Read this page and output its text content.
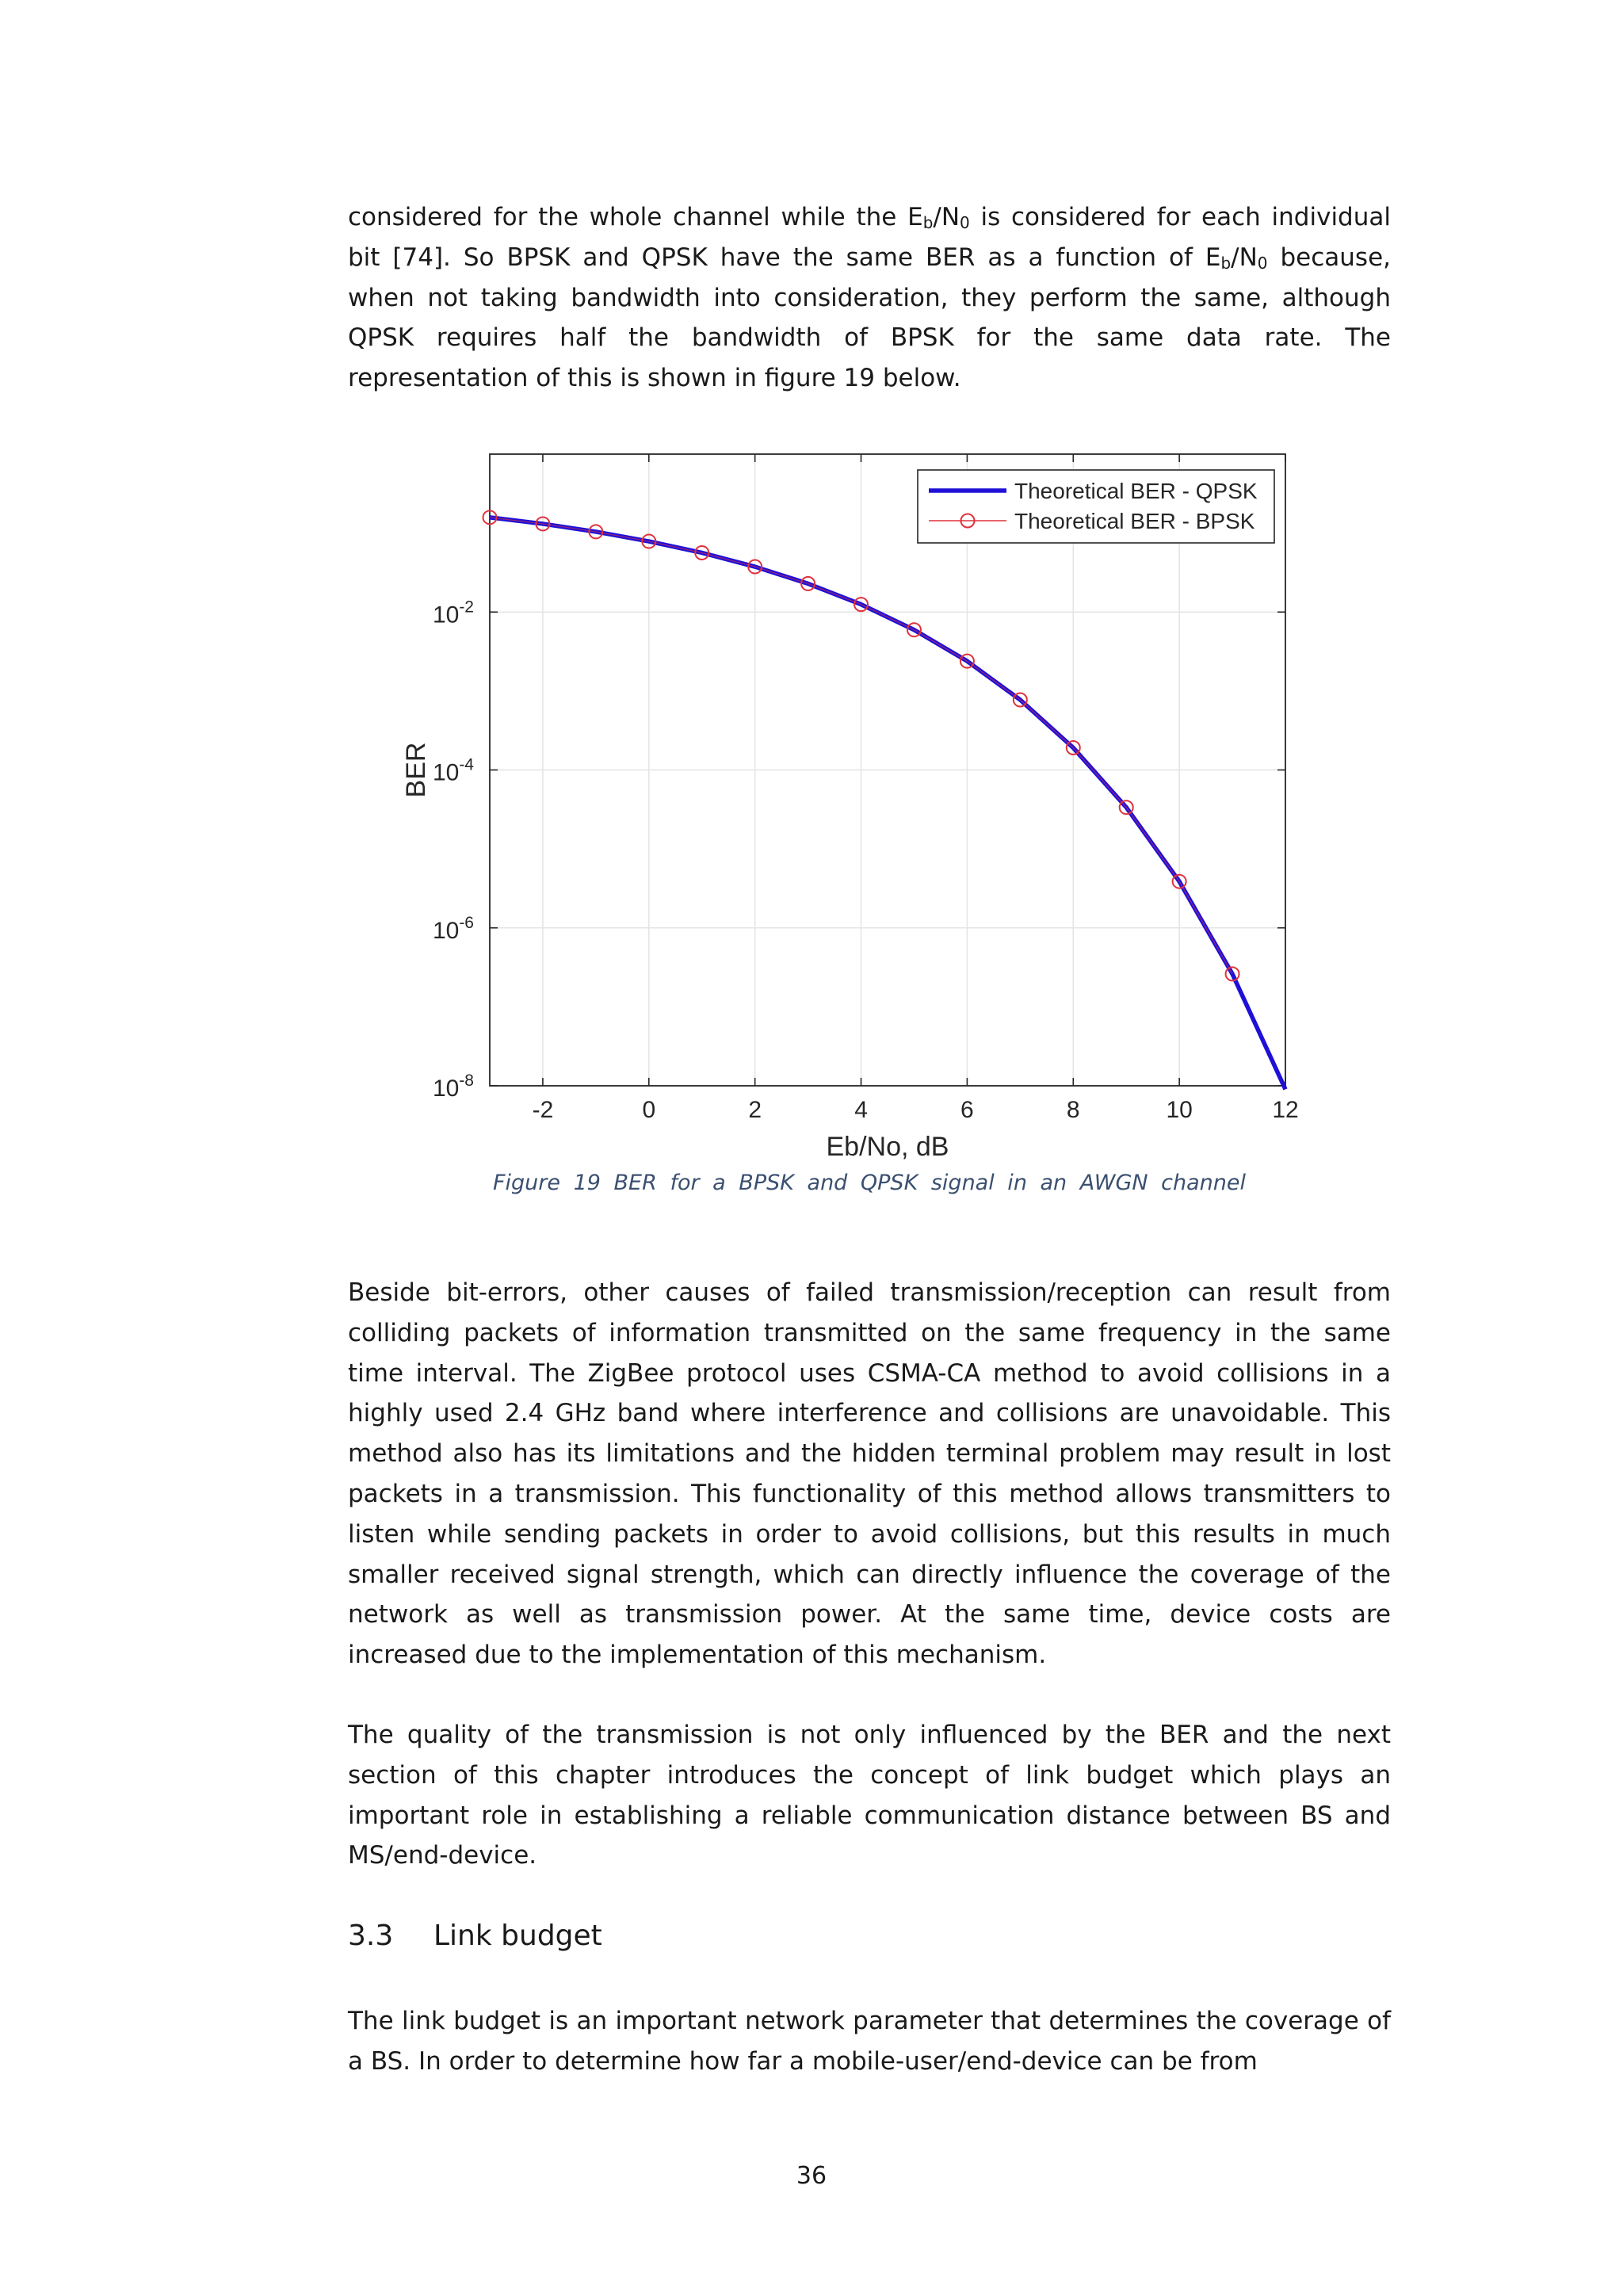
considered for the whole channel while the $E_b/N_0$ is considered for each individual bit [74]. So BPSK and QPSK have the same BER as a function of $E_b/N_0$ because, when not taking bandwidth into consideration, they perform the same, although QPSK requires half the bandwidth of BPSK for the same data rate. The representation of this is shown in figure 19 below.

-2	0	2	4	6	8	10	12
$10^{-2}$
$10^{-4}$
$10^{-6}$
$10^{-8}$
Eb/No, dB
BER
Theoretical BER - QPSK
Theoretical BER - BPSK
Figure 19 BER for a BPSK and QPSK signal in an AWGN channel

Beside bit-errors, other causes of failed transmission/reception can result from colliding packets of information transmitted on the same frequency in the same time interval. The ZigBee protocol uses CSMA-CA method to avoid collisions in a highly used 2.4 GHz band where interference and collisions are unavoidable. This method also has its limitations and the hidden terminal problem may result in lost packets in a transmission. This functionality of this method allows transmitters to listen while sending packets in order to avoid collisions, but this results in much smaller received signal strength, which can directly influence the coverage of the network as well as transmission power. At the same time, device costs are increased due to the implementation of this mechanism.

The quality of the transmission is not only influenced by the BER and the next section of this chapter introduces the concept of link budget which plays an important role in establishing a reliable communication distance between BS and MS/end-device.

3.3 Link budget

The link budget is an important network parameter that determines the coverage of a BS. In order to determine how far a mobile-user/end-device can be from

36
